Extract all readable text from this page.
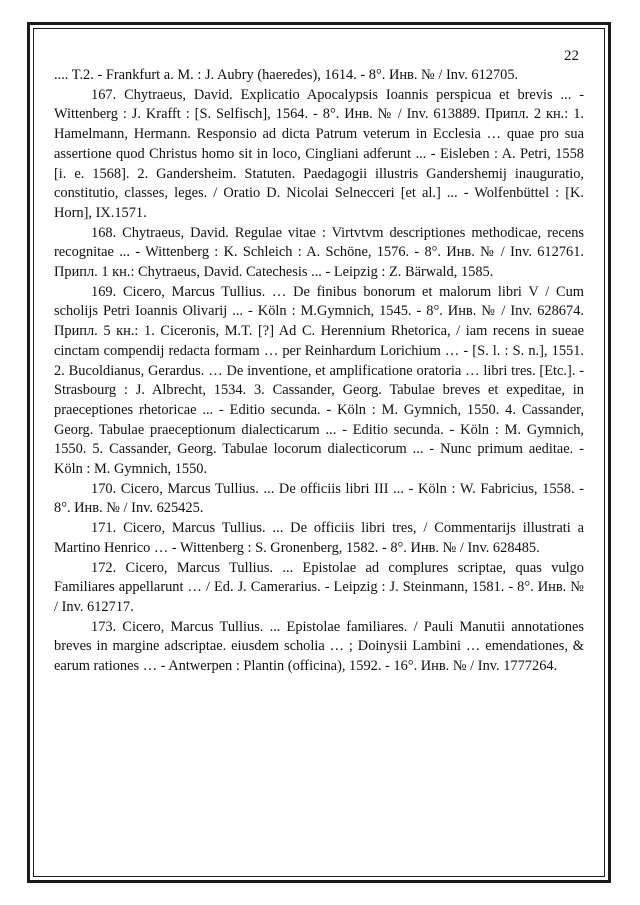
22

.... T.2. - Frankfurt a. M. : J. Aubry (haeredes), 1614. - 8°. Инв. № / Inv. 612705.

167. Chytraeus, David. Explicatio Apocalypsis Ioannis perspicua et brevis ... - Wittenberg : J. Krafft : [S. Selfisch], 1564. - 8°. Инв. № / Inv. 613889. Припл. 2 кн.: 1. Hamelmann, Hermann. Responsio ad dicta Patrum veterum in Ecclesia … quae pro sua assertione quod Christus homo sit in loco, Cingliani adferunt ... - Eisleben : A. Petri, 1558 [i. e. 1568]. 2. Gandersheim. Statuten. Paedagogii illustris Gandershemij inauguratio, constitutio, classes, leges. / Oratio D. Nicolai Selnecceri [et al.] ... - Wolfenbüttel : [K. Horn], IX.1571.

168. Chytraeus, David. Regulae vitae : Virtvtvm descriptiones methodicae, recens recognitae ... - Wittenberg : K. Schleich : A. Schöne, 1576. - 8°. Инв. № / Inv. 612761. Припл. 1 кн.: Chytraeus, David. Catechesis ... - Leipzig : Z. Bärwald, 1585.

169. Cicero, Marcus Tullius. … De finibus bonorum et malorum libri V / Cum scholijs Petri Ioannis Olivarij ... - Köln : M.Gymnich, 1545. - 8°. Инв. № / Inv. 628674. Припл. 5 кн.: 1. Ciceronis, M.T. [?] Ad C. Herennium Rhetorica, / iam recens in sueae cinctam compendij redacta formam … per Reinhardum Lorichium … - [S. l. : S. n.], 1551. 2. Bucoldianus, Gerardus. … De inventione, et amplificatione oratoria … libri tres. [Etc.]. - Strasbourg : J. Albrecht, 1534. 3. Cassander, Georg. Tabulae breves et expeditae, in praeceptiones rhetoricae ... - Editio secunda. - Köln : M. Gymnich, 1550. 4. Cassander, Georg. Tabulae praeceptionum dialecticarum ... - Editio secunda. - Köln : M. Gymnich, 1550. 5. Cassander, Georg. Tabulae locorum dialecticorum ... - Nunc primum aeditae. - Köln : M. Gymnich, 1550.

170. Cicero, Marcus Tullius. ... De officiis libri III ... - Köln : W. Fabricius, 1558. - 8°. Инв. № / Inv. 625425.

171. Cicero, Marcus Tullius. ... De officiis libri tres, / Commentarijs illustrati a Martino Henrico … - Wittenberg : S. Gronenberg, 1582. - 8°. Инв. № / Inv. 628485.

172. Cicero, Marcus Tullius. ... Epistolae ad complures scriptae, quas vulgo Familiares appellarunt … / Ed. J. Camerarius. - Leipzig : J. Steinmann, 1581. - 8°. Инв. № / Inv. 612717.

173. Cicero, Marcus Tullius. ... Epistolae familiares. / Pauli Manutii annotationes breves in margine adscriptae. eiusdem scholia … ; Doinysii Lambini … emendationes, & earum rationes … - Antwerpen : Plantin (officina), 1592. - 16°. Инв. № / Inv. 1777264.
